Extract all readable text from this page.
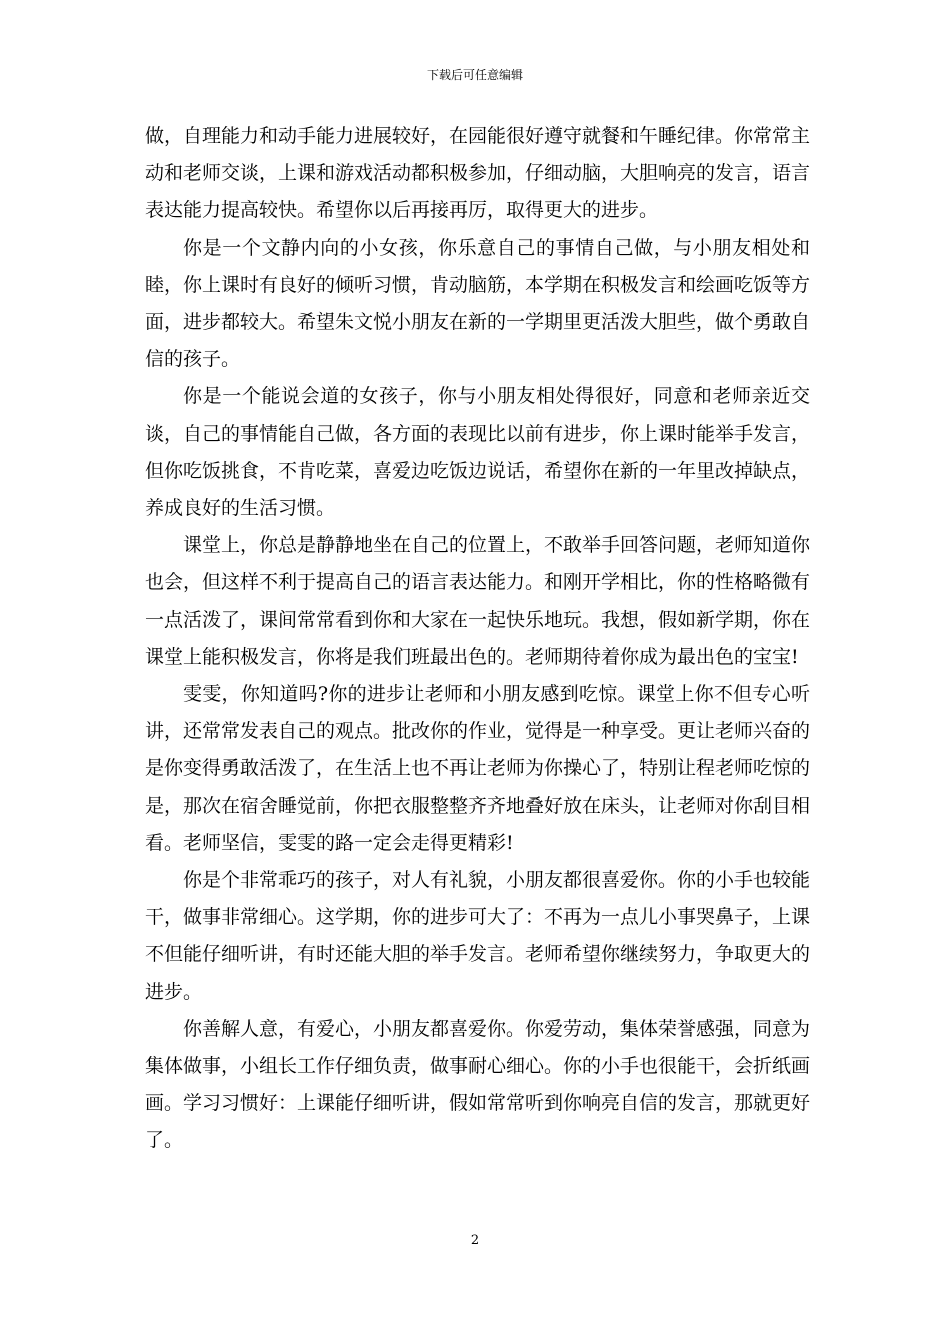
下载后可任意编辑

做，自理能力和动手能力进展较好，在园能很好遵守就餐和午睡纪律。你常常主动和老师交谈，上课和游戏活动都积极参加，仔细动脑，大胆响亮的发言，语言表达能力提高较快。希望你以后再接再厉，取得更大的进步。

你是一个文静内向的小女孩，你乐意自己的事情自己做，与小朋友相处和睦，你上课时有良好的倾听习惯，肯动脑筋，本学期在积极发言和绘画吃饭等方面，进步都较大。希望朱文悦小朋友在新的一学期里更活泼大胆些，做个勇敢自信的孩子。

你是一个能说会道的女孩子，你与小朋友相处得很好，同意和老师亲近交谈，自己的事情能自己做，各方面的表现比以前有进步，你上课时能举手发言，但你吃饭挑食，不肯吃菜，喜爱边吃饭边说话，希望你在新的一年里改掉缺点，养成良好的生活习惯。

课堂上，你总是静静地坐在自己的位置上，不敢举手回答问题，老师知道你也会，但这样不利于提高自己的语言表达能力。和刚开学相比，你的性格略微有一点活泼了，课间常常看到你和大家在一起快乐地玩。我想，假如新学期，你在课堂上能积极发言，你将是我们班最出色的。老师期待着你成为最出色的宝宝!

雯雯，你知道吗?你的进步让老师和小朋友感到吃惊。课堂上你不但专心听讲，还常常发表自己的观点。批改你的作业，觉得是一种享受。更让老师兴奋的是你变得勇敢活泼了，在生活上也不再让老师为你操心了，特别让程老师吃惊的是，那次在宿舍睡觉前，你把衣服整整齐齐地叠好放在床头，让老师对你刮目相看。老师坚信，雯雯的路一定会走得更精彩!

你是个非常乖巧的孩子，对人有礼貌，小朋友都很喜爱你。你的小手也较能干，做事非常细心。这学期，你的进步可大了：不再为一点儿小事哭鼻子，上课不但能仔细听讲，有时还能大胆的举手发言。老师希望你继续努力，争取更大的进步。

你善解人意，有爱心，小朋友都喜爱你。你爱劳动，集体荣誉感强，同意为集体做事，小组长工作仔细负责，做事耐心细心。你的小手也很能干，会折纸画画。学习习惯好：上课能仔细听讲，假如常常听到你响亮自信的发言，那就更好了。

2
